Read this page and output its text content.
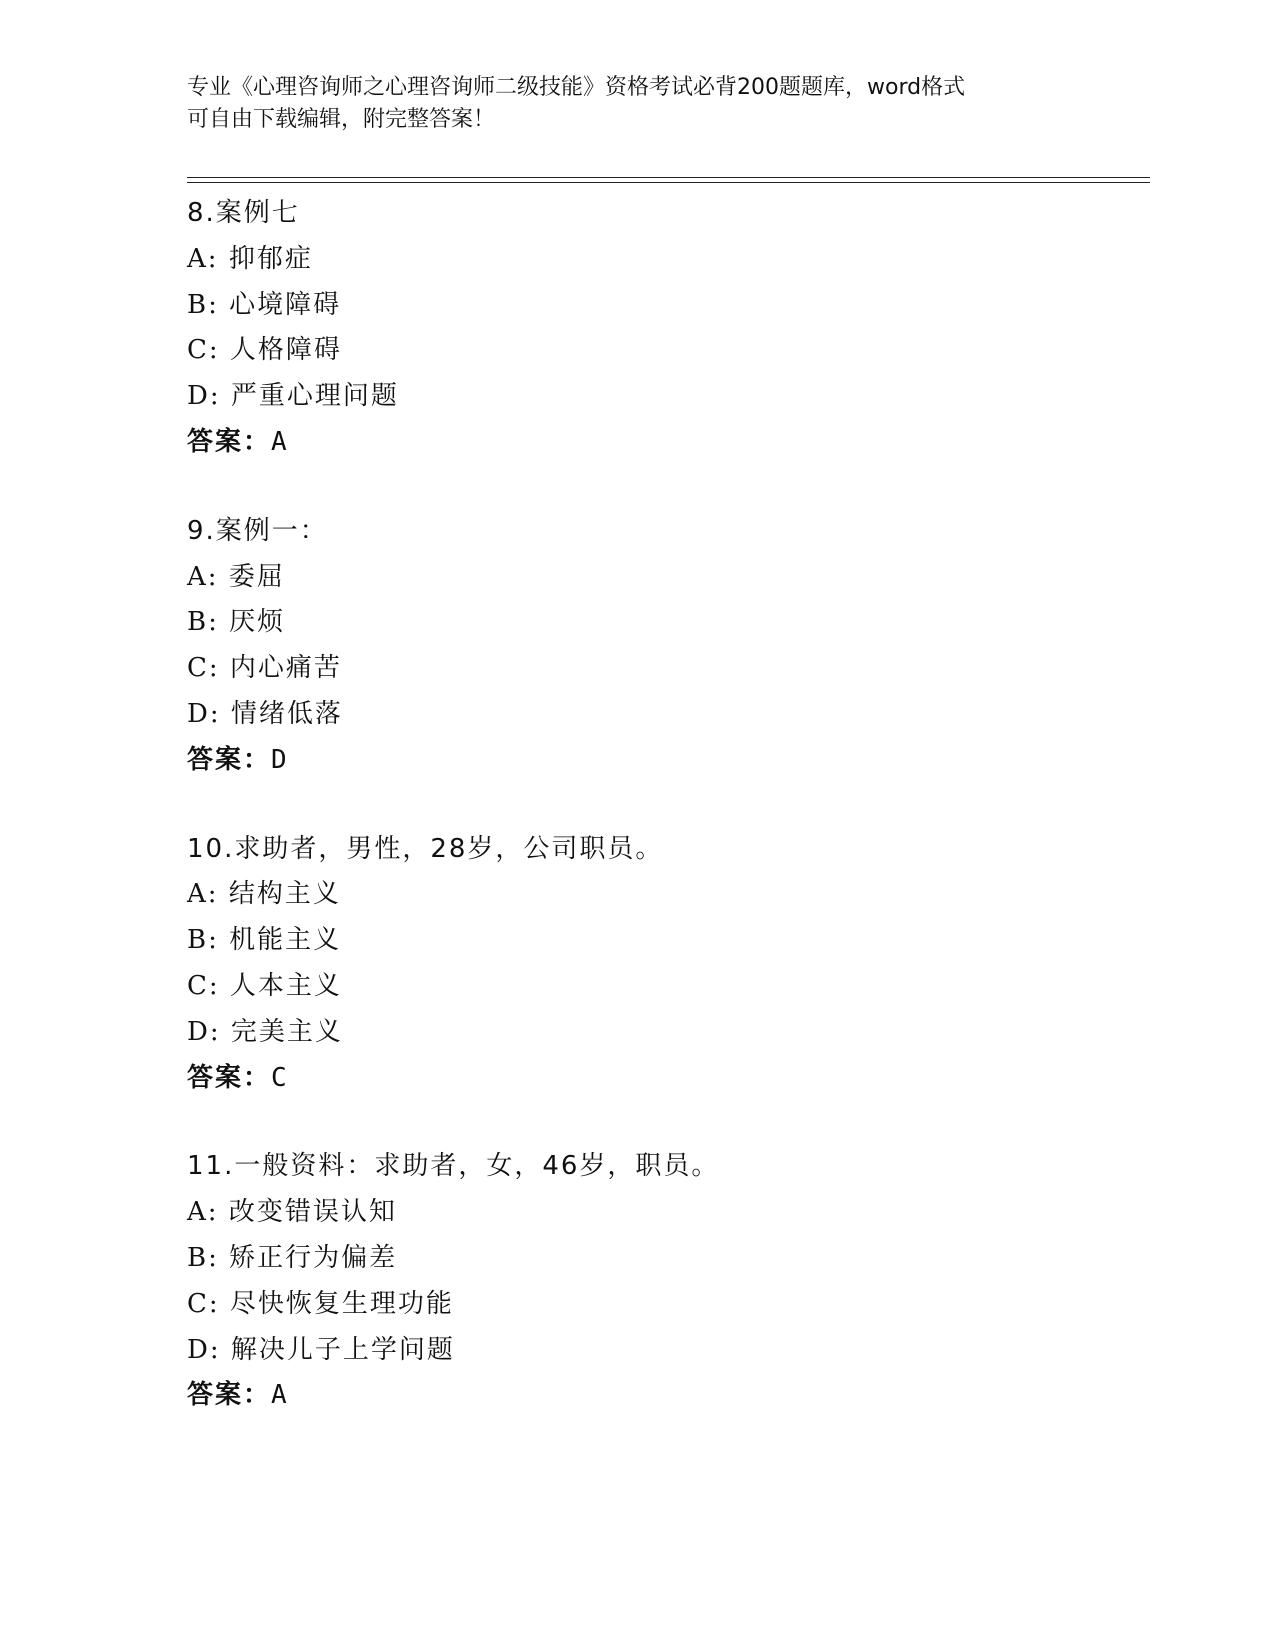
专业《心理咨询师之心理咨询师二级技能》资格考试必背200题题库，word格式
可自由下载编辑，附完整答案！
8.案例七
A: 抑郁症
B: 心境障碍
C: 人格障碍
D: 严重心理问题
答案：A
9.案例一：
A: 委屈
B: 厌烦
C: 内心痛苦
D: 情绪低落
答案：D
10.求助者，男性，28岁，公司职员。
A: 结构主义
B: 机能主义
C: 人本主义
D: 完美主义
答案：C
11.一般资料：求助者，女，46岁，职员。
A: 改变错误认知
B: 矫正行为偏差
C: 尽快恢复生理功能
D: 解决儿子上学问题
答案：A
